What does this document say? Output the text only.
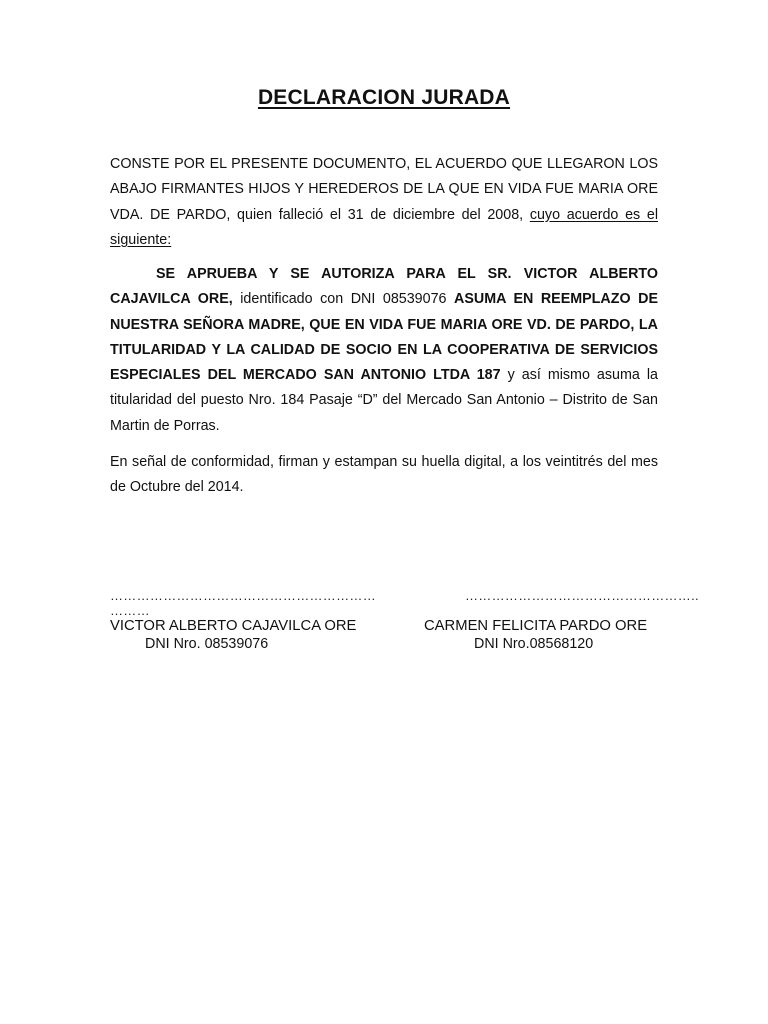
DECLARACION JURADA
CONSTE POR EL PRESENTE DOCUMENTO, EL ACUERDO QUE LLEGARON LOS ABAJO FIRMANTES HIJOS Y HEREDEROS DE LA QUE EN VIDA FUE MARIA ORE VDA. DE PARDO, quien falleció el 31 de diciembre del 2008, cuyo acuerdo es el siguiente:
SE APRUEBA Y SE AUTORIZA PARA EL SR. VICTOR ALBERTO CAJAVILCA ORE, identificado con DNI 08539076 ASUMA EN REEMPLAZO DE NUESTRA SEÑORA MADRE, QUE EN VIDA FUE MARIA ORE VD. DE PARDO, LA TITULARIDAD Y LA CALIDAD DE SOCIO EN LA COOPERATIVA DE SERVICIOS ESPECIALES DEL MERCADO SAN ANTONIO LTDA 187 y así mismo asuma la titularidad del puesto Nro. 184 Pasaje “D” del Mercado San Antonio – Distrito de San Martin de Porras.
En señal de conformidad, firman y estampan su huella digital, a los veintitrés del mes de Octubre del 2014.
……………………………………………………
………
VICTOR ALBERTO CAJAVILCA ORE
DNI Nro. 08539076
……………………………………………..
CARMEN FELICITA PARDO ORE
DNI Nro.08568120
